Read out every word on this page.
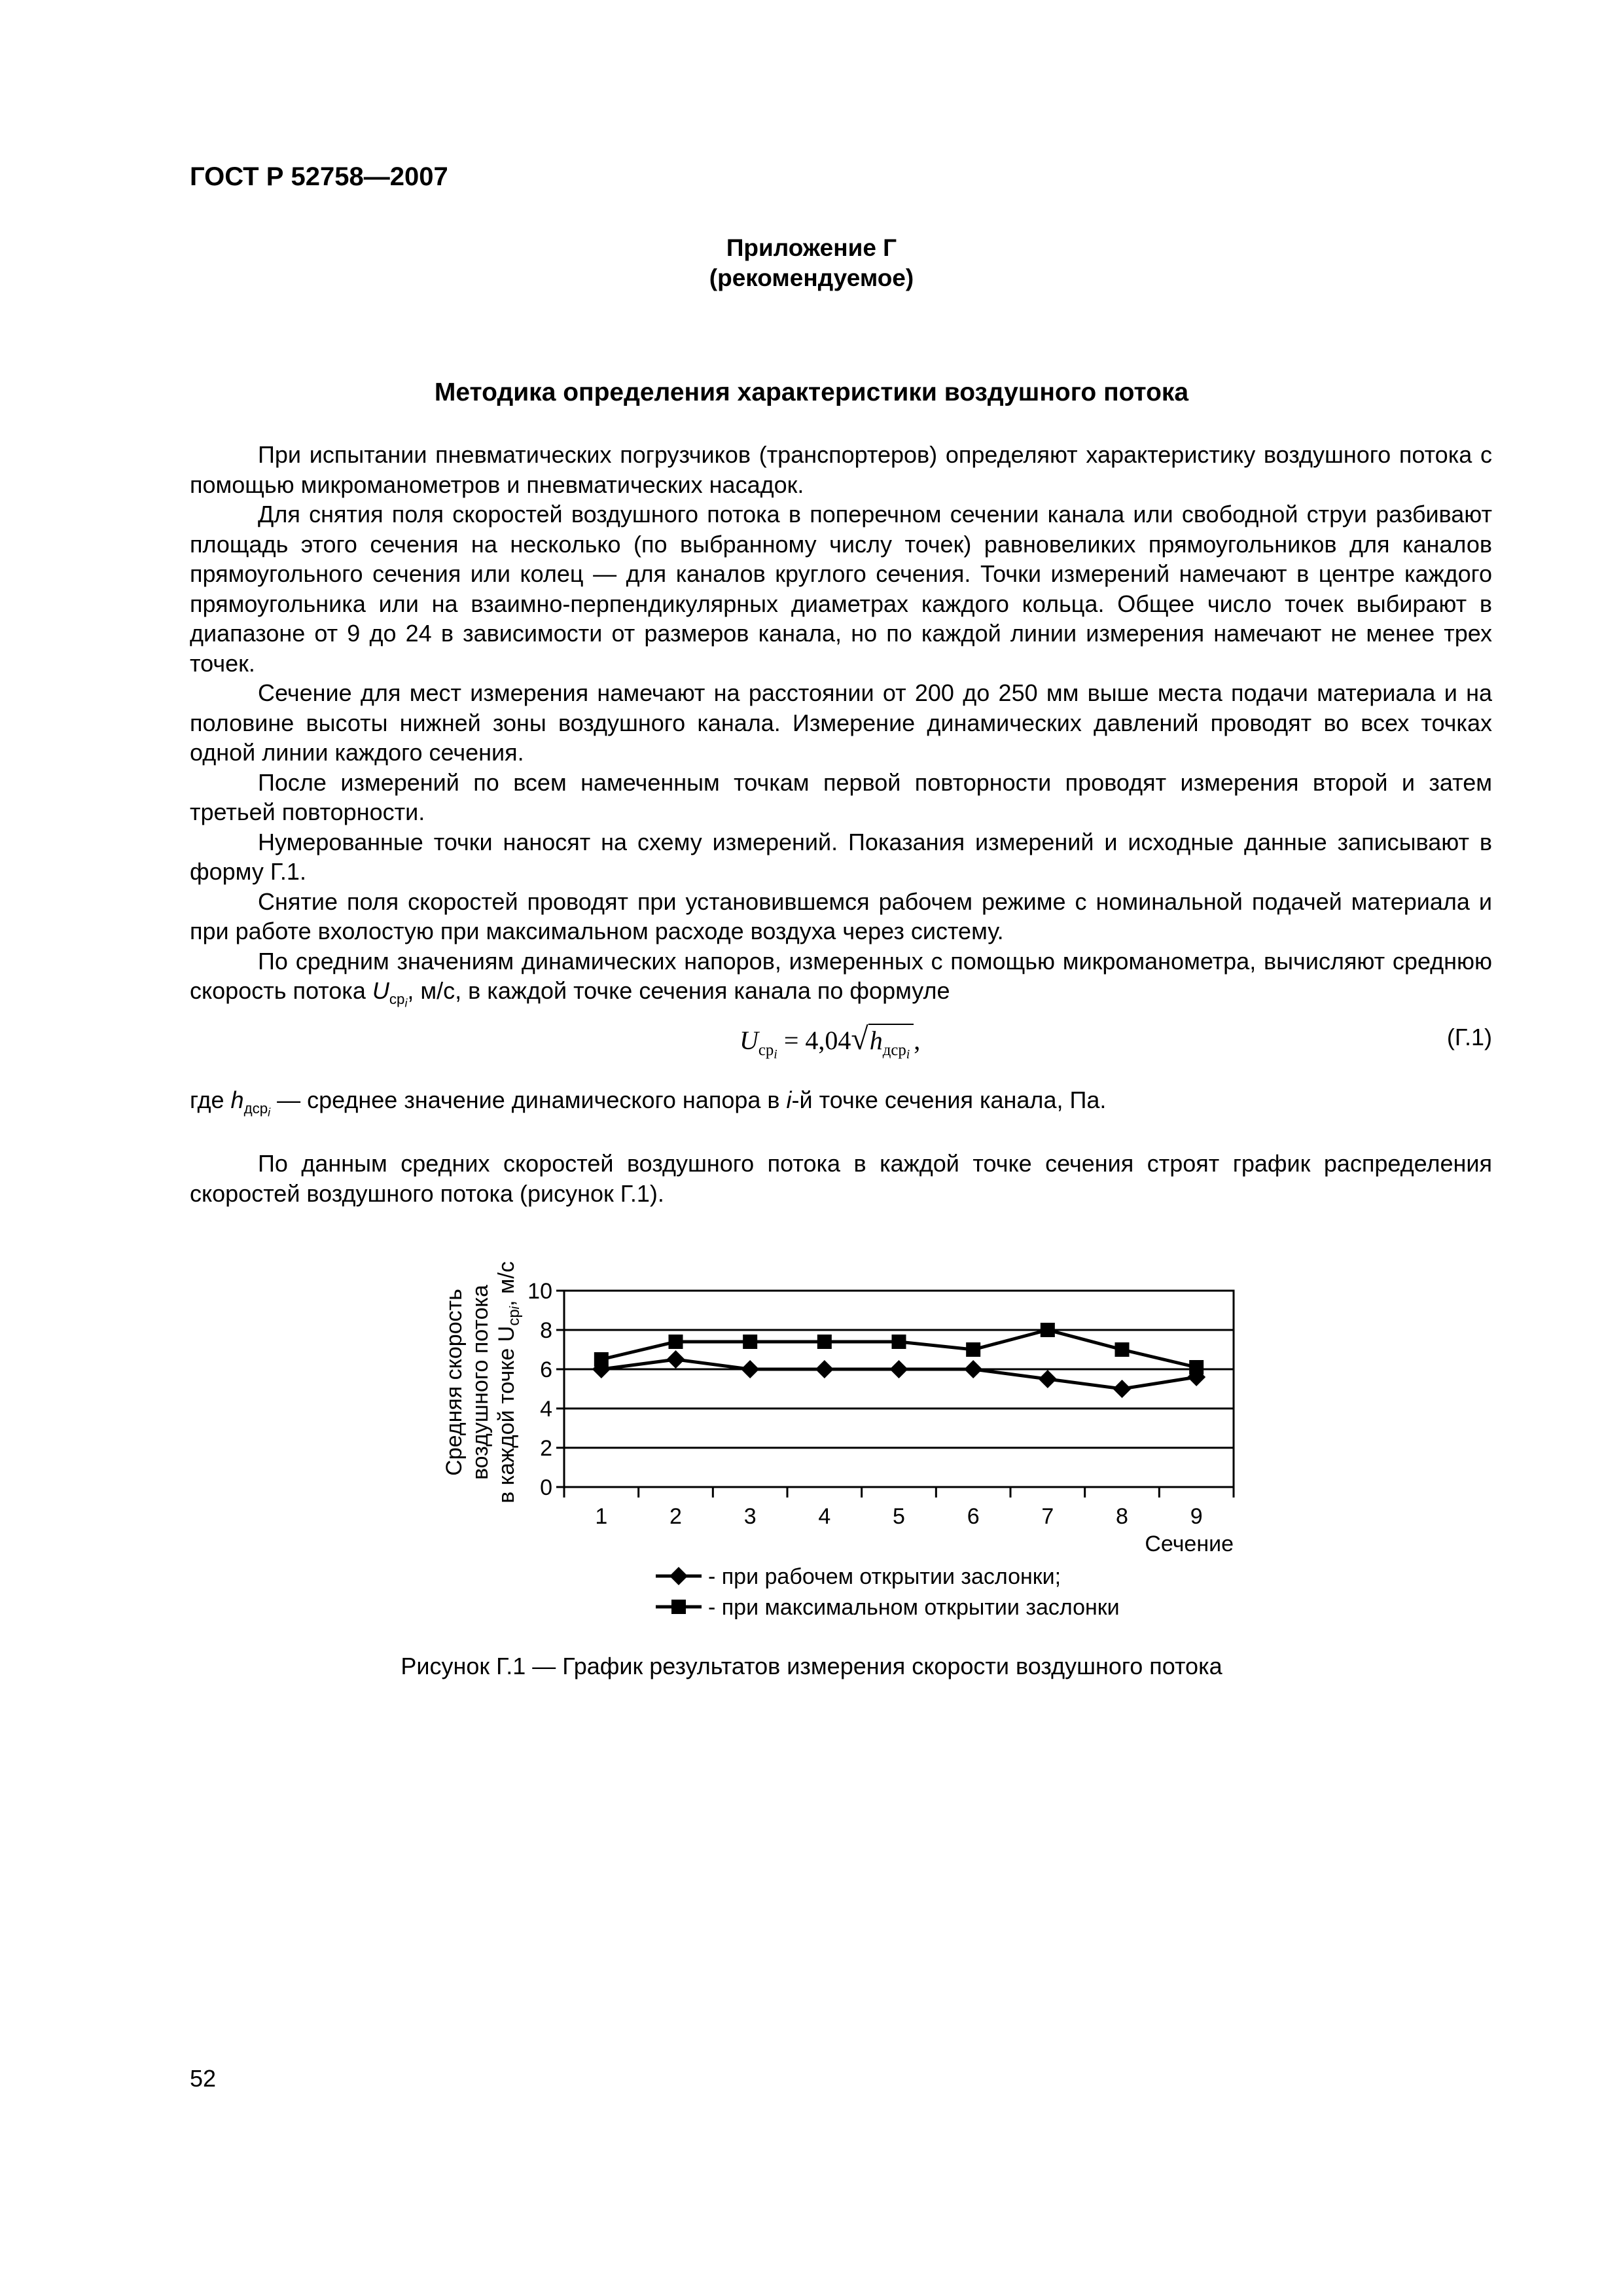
ГОСТ Р 52758—2007
Приложение Г
(рекомендуемое)
Методика определения характеристики воздушного потока

При испытании пневматических погрузчиков (транспортеров) определяют характеристику воздушного потока с помощью микроманометров и пневматических насадок.

Для снятия поля скоростей воздушного потока в поперечном сечении канала или свободной струи разбивают площадь этого сечения на несколько (по выбранному числу точек) равновеликих прямоугольников для каналов прямоугольного сечения или колец — для каналов круглого сечения. Точки измерений намечают в центре каждого прямоугольника или на взаимно-перпендикулярных диаметрах каждого кольца. Общее число точек выбирают в диапазоне от 9 до 24 в зависимости от размеров канала, но по каждой линии измерения намечают не менее трех точек.

Сечение для мест измерения намечают на расстоянии от 200 до 250 мм выше места подачи материала и на половине высоты нижней зоны воздушного канала. Измерение динамических давлений проводят во всех точках одной линии каждого сечения.

После измерений по всем намеченным точкам первой повторности проводят измерения второй и затем третьей повторности.

Нумерованные точки наносят на схему измерений. Показания измерений и исходные данные записывают в форму Г.1.

Снятие поля скоростей проводят при установившемся рабочем режиме с номинальной подачей материала и при работе вхолостую при максимальном расходе воздуха через систему.

По средним значениям динамических напоров, измеренных с помощью микроманометра, вычисляют среднюю скорость потока $U_{ср_i}$, м/с, в каждой точке сечения канала по формуле

$U_{срi} = 4,04√h_{дсрi}$ ,	(Г.1)
где $h_{дср_i}$ — среднее значение динамического напора в i-й точке сечения канала, Па.

По данным средних скоростей воздушного потока в каждой точке сечения строят график распределения скоростей воздушного потока (рисунок Г.1).

0
2
4
6
8
10
1	2	3	4	5	6	7	8	9
Сечение
Средняя скорость воздушного потока в каждой точке $U_{ср}i$, м/с
- при рабочем открытии заслонки;
- при максимальном открытии заслонки
Рисунок Г.1 — График результатов измерения скорости воздушного потока
52
